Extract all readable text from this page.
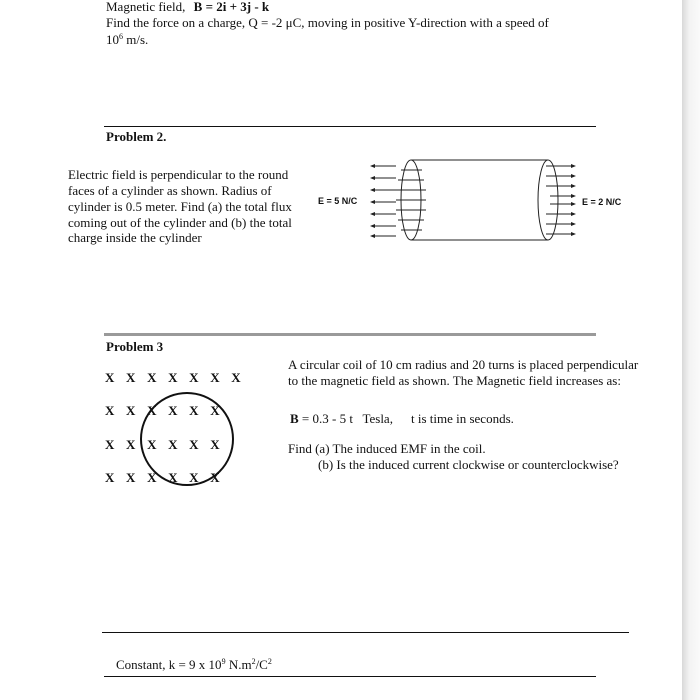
Magnetic field, B = 2i + 3j - k
Find the force on a charge, Q = -2 μC, moving in positive Y-direction with a speed of
$10^6$ m/s.
Problem 2.
Electric field is perpendicular to the round
faces of a cylinder as shown. Radius of
cylinder is 0.5 meter. Find (a) the total flux
coming out of the cylinder and (b) the total
charge inside the cylinder
E = 5 N/C	E = 2 N/C
Problem 3
X X X X X X X
X X X X X X
X X X X X X
X X X X X X
A circular coil of 10 cm radius and 20 turns is placed perpendicular
to the magnetic field as shown. The Magnetic field increases as:
B = 0.3 - 5 t   Tesla, t is time in seconds.
Find (a) The induced EMF in the coil.
(b) Is the induced current clockwise or counterclockwise?
Constant, k = 9 x $10^9$ $N.m^2/C^2$
